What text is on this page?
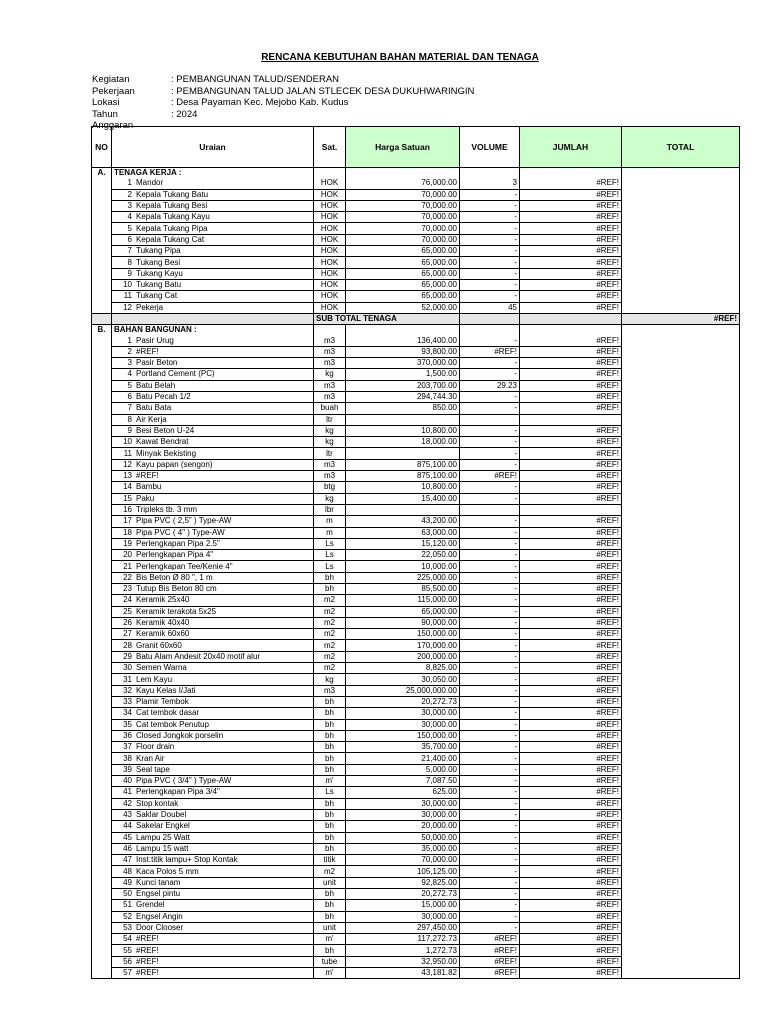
RENCANA KEBUTUHAN BAHAN MATERIAL DAN TENAGA
Kegiatan	: PEMBANGUNAN TALUD/SENDERAN
Pekerjaan	: PEMBANGUNAN TALUD JALAN STLECEK DESA DUKUHWARINGIN
Lokasi	: Desa Payaman Kec. Mejobo Kab. Kudus
Tahun Anggaran
: 2024
NO	Uraian	Sat.	Harga Satuan	VOLUME	JUMLAH	TOTAL
A.	TENAGA KERJA :					
	1 Mandor	HOK	76,000.00	3	#REF!	
	2 Kepala Tukang Batu	HOK	70,000.00	-	#REF!	
	3 Kepala Tukang Besi	HOK	70,000.00	-	#REF!	
	4 Kepala Tukang Kayu	HOK	70,000.00	-	#REF!	
	5 Kepala Tukang Pipa	HOK	70,000.00	-	#REF!	
	6 Kepala Tukang Cat	HOK	70,000.00	-	#REF!	
	7 Tukang Pipa	HOK	65,000.00	-	#REF!	
	8 Tukang Besi	HOK	65,000.00	-	#REF!	
	9 Tukang Kayu	HOK	65,000.00	-	#REF!	
	10 Tukang Batu	HOK	65,000.00	-	#REF!	
	11 Tukang Cat	HOK	65,000.00	-	#REF!	
	12 Pekerja	HOK	52,000.00	45	#REF!	
		SUB TOTAL TENAGA				#REF!
B.	BAHAN BANGUNAN :					
	1 Pasir Urug	m3	136,400.00	-	#REF!	
	2 #REF!	m3	93,800.00	#REF!	#REF!	
	3 Pasir Beton	m3	370,000.00	-	#REF!	
	4 Portland Cement (PC)	kg	1,500.00	-	#REF!	
	5 Batu Belah	m3	203,700.00	29.23	#REF!	
	6 Batu Pecah 1/2	m3	294,744.30	-	#REF!	
	7 Batu Bata	buah	850.00	-	#REF!	
	8 Air Kerja	ltr				
	9 Besi Beton U-24	kg	10,800.00	-	#REF!	
	10 Kawat Bendrat	kg	18,000.00	-	#REF!	
	11 Minyak Bekisting	ltr		-	#REF!	
	12 Kayu papan (sengon)	m3	875,100.00	-	#REF!	
	13 #REF!	m3	875,100.00	#REF!	#REF!	
	14 Bambu	btg	10,800.00	-	#REF!	
	15 Paku	kg	15,400.00	-	#REF!	
	16 Tripleks tb. 3 mm	lbr				
	17 Pipa PVC ( 2,5" ) Type-AW	m	43,200.00	-	#REF!	
	18 Pipa PVC ( 4" ) Type-AW	m	63,000.00	-	#REF!	
	19 Perlengkapan Pipa 2.5"	Ls	15,120.00	-	#REF!	
	20 Perlengkapan Pipa 4"	Ls	22,050.00	-	#REF!	
	21 Perlengkapan Tee/Kenie 4"	Ls	10,000.00	-	#REF!	
	22 Bis Beton Ø 80 ", 1 m	bh	225,000.00	-	#REF!	
	23 Tutup Bis Beton 80 cm	bh	85,500.00	-	#REF!	
	24 Keramik 25x40	m2	115,000.00	-	#REF!	
	25 Keramik terakota 5x25	m2	65,000.00	-	#REF!	
	26 Keramik 40x40	m2	90,000.00	-	#REF!	
	27 Keramik 60x60	m2	150,000.00	-	#REF!	
	28 Granit 60x60	m2	170,000.00	-	#REF!	
	29 Batu Alam Andesit 20x40 motif alur	m2	200,000.00	-	#REF!	
	30 Semen Warna	m2	8,825.00	-	#REF!	
	31 Lem Kayu	kg	30,050.00	-	#REF!	
	32 Kayu Kelas I/Jati	m3	25,000,000.00	-	#REF!	
	33 Plamir Tembok	bh	20,272.73	-	#REF!	
	34 Cat tembok dasar	bh	30,000.00	-	#REF!	
	35 Cat tembok Penutup	bh	30,000.00	-	#REF!	
	36 Closed Jongkok porselin	bh	150,000.00	-	#REF!	
	37 Floor drain	bh	35,700.00	-	#REF!	
	38 Kran Air	bh	21,400.00	-	#REF!	
	39 Seal tape	bh	5,000.00	-	#REF!	
	40 Pipa PVC ( 3/4" ) Type-AW	m'	7,087.50	-	#REF!	
	41 Perlengkapan Pipa 3/4"	Ls	625.00	-	#REF!	
	42 Stop kontak	bh	30,000.00	-	#REF!	
	43 Saklar Doubel	bh	30,000.00	-	#REF!	
	44 Sakelar Engkel	bh	20,000.00	-	#REF!	
	45 Lampu 25 Watt	bh	50,000.00	-	#REF!	
	46 Lampu 15 watt	bh	35,000.00	-	#REF!	
	47 Inst.titik lampu+ Stop Kontak	titik	70,000.00	-	#REF!	
	48 Kaca Polos 5 mm	m2	105,125.00	-	#REF!	
	49 Kunci tanam	unit	92,825.00	-	#REF!	
	50 Engsel pintu	bh	20,272.73	-	#REF!	
	51 Grendel	bh	15,000.00	-	#REF!	
	52 Engsel Angin	bh	30,000.00	-	#REF!	
	53 Door Clooser	unit	297,450.00	-	#REF!	
	54 #REF!	m'	117,272.73	#REF!	#REF!	
	55 #REF!	bh	1,272.73	#REF!	#REF!	
	56 #REF!	tube	32,950.00	#REF!	#REF!	
	57 #REF!	m'	43,181.82	#REF!	#REF!	
